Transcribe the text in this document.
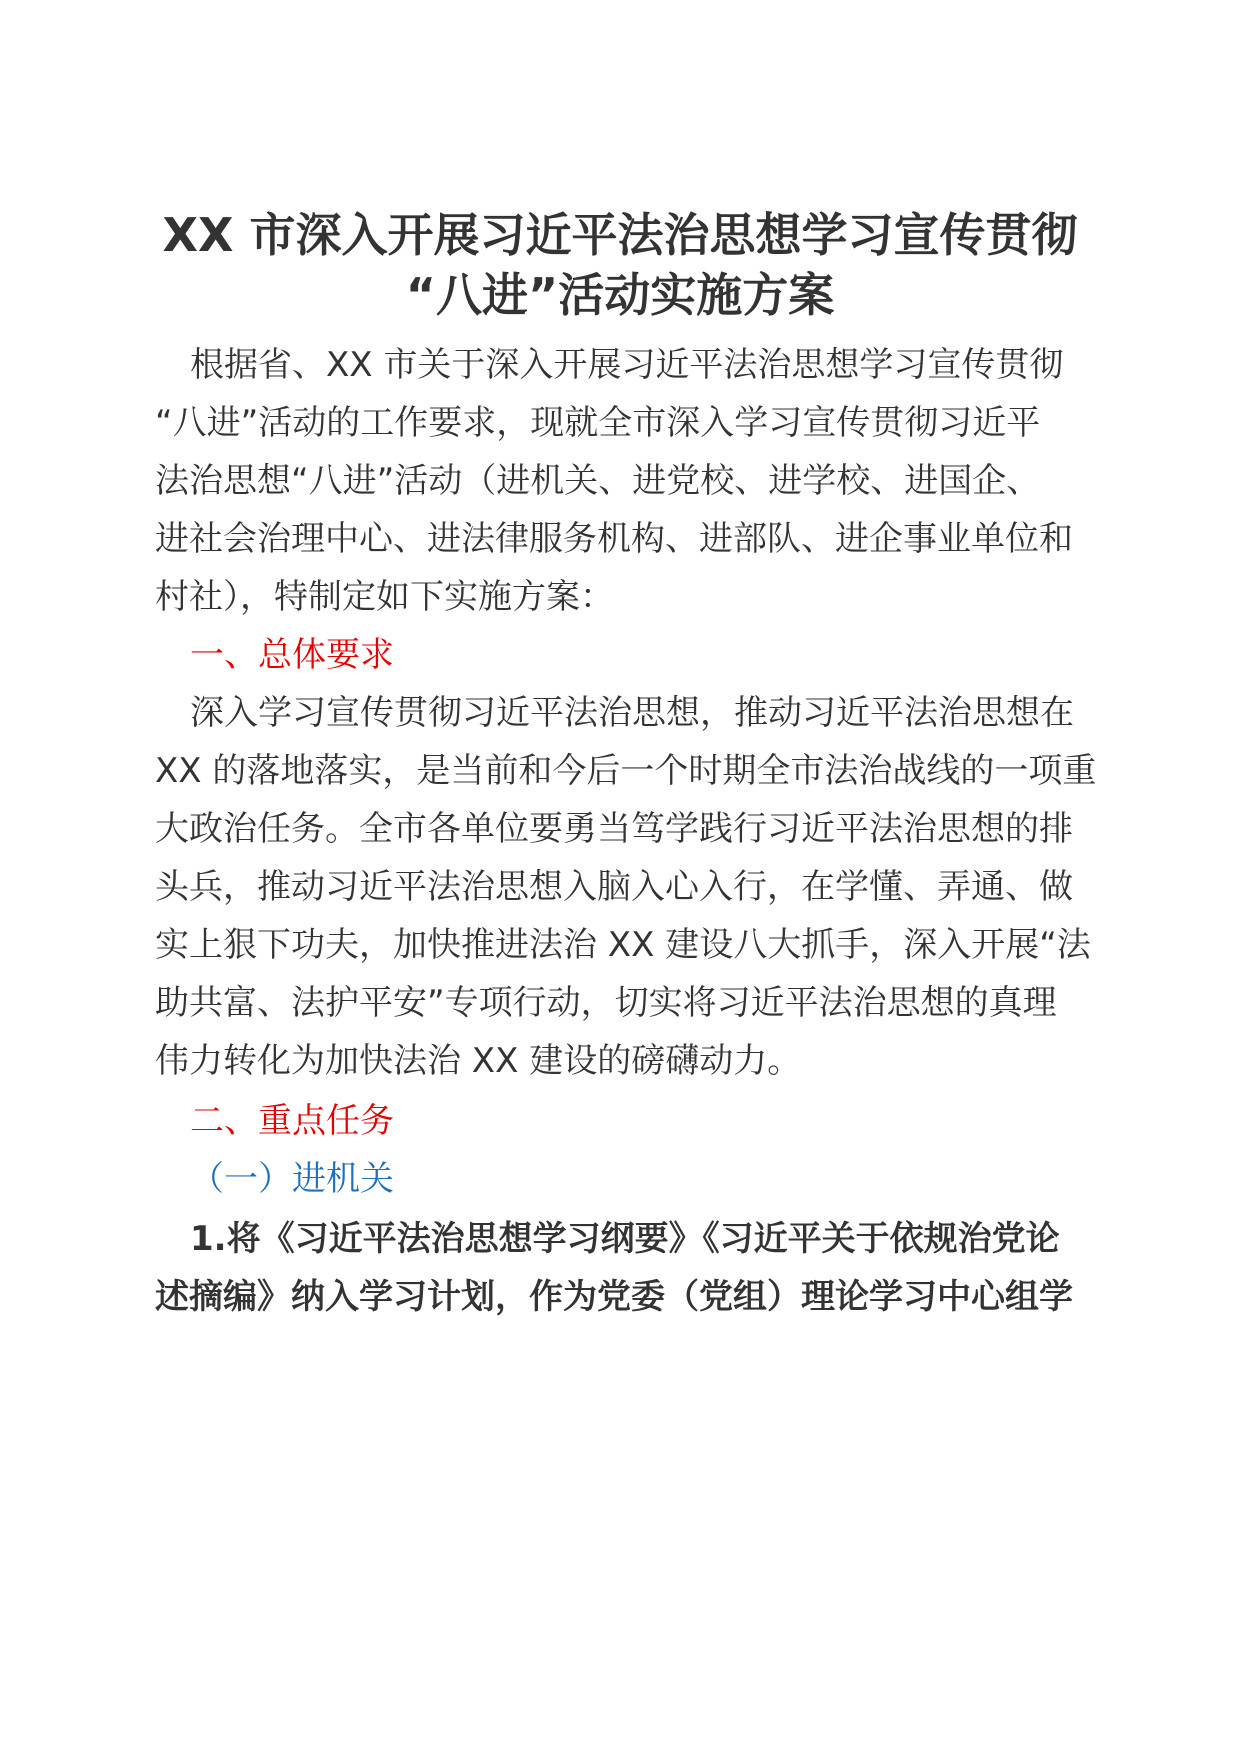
XX 市深入开展习近平法治思想学习宣传贯彻
“八进”活动实施方案
根据省、XX 市关于深入开展习近平法治思想学习宣传贯彻
“八进”活动的工作要求，现就全市深入学习宣传贯彻习近平
法治思想“八进”活动（进机关、进党校、进学校、进国企、
进社会治理中心、进法律服务机构、进部队、进企事业单位和
村社），特制定如下实施方案：
一、总体要求
深入学习宣传贯彻习近平法治思想，推动习近平法治思想在
XX 的落地落实，是当前和今后一个时期全市法治战线的一项重
大政治任务。全市各单位要勇当笃学践行习近平法治思想的排
头兵，推动习近平法治思想入脑入心入行，在学懂、弄通、做
实上狠下功夫，加快推进法治 XX 建设八大抓手，深入开展“法
助共富、法护平安”专项行动，切实将习近平法治思想的真理
伟力转化为加快法治 XX 建设的磅礴动力。
二、重点任务
（一）进机关
1.将《习近平法治思想学习纲要》《习近平关于依规治党论
述摘编》纳入学习计划，作为党委（党组）理论学习中心组学
